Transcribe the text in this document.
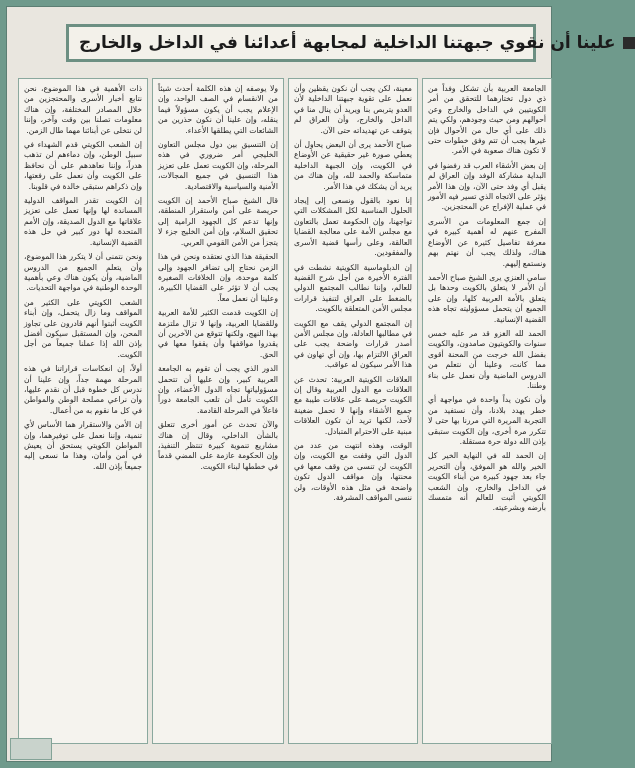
علينا أن نقوي جبهتنا الداخلية لمجابهة أعدائنا في الداخل والخارج

الجامعة العربية بأن تشكل وفداً من ذي دول تختارهما للتحقق من أمر الكويتيين في الداخل والخارج وعن أحوالهم ومن حيث وجودهم، ولكي يتم ذلك على أي حال من الأحوال فإن غيرها يجب أن تتم وفق خطوات حتى لا تكون هناك صعوبة في الأمر.

إن بعض الأشقاء العرب قد رفضوا في البداية مشاركة الوفد وإن العراق لم يقبل أي وفد حتى الآن، وإن هذا الأمر يؤثر على الاتجاه الذي تسير فيه الأمور في عملية الإفراج عن المحتجزين.

إن جمع المعلومات من الأسرى المفرج عنهم له أهمية كبيرة في معرفة تفاصيل كثيرة عن الأوضاع هناك، ولذلك يجب أن نهتم بهم ونستمع إليهم.

سامي العنزي يرى الشيخ صباح الأحمد أن الأمر لا يتعلق بالكويت وحدها بل يتعلق بالأمة العربية كلها، وإن على الجميع أن يتحمل مسؤوليته تجاه هذه القضية الإنسانية.

الحمد لله الغزو قد مر عليه خمس سنوات والكويتيون صامدون، والكويت بفضل الله خرجت من المحنة أقوى مما كانت، وعلينا أن نتعلم من الدروس الماضية وأن نعمل على بناء وطننا.

وأن نكون يداً واحدة في مواجهة أي خطر يهدد بلادنا، وأن نستفيد من التجربة المريرة التي مررنا بها حتى لا تتكرر مرة أخرى، وإن الكويت ستبقى بإذن الله دولة حرة مستقلة.

إن الحمد لله في النهاية الخير كل الخير والله هو الموفق، وأن التحرير جاء بعد جهود كبيرة من أبناء الكويت في الداخل والخارج، وإن الشعب الكويتي أثبت للعالم أنه متمسك بأرضه وبشرعيته.

معينة، لكن يجب أن نكون يقظين وأن نعمل على تقوية جبهتنا الداخلية لأن العدو يتربص بنا ويريد أن ينال منا في الداخل والخارج، وأن العراق لم يتوقف عن تهديداته حتى الآن.

صباح الأحمد يرى أن البعض يحاول أن يعطي صورة غير حقيقية عن الأوضاع في الكويت، وإن الجبهة الداخلية متماسكة والحمد لله، وإن هناك من يريد أن يشكك في هذا الأمر.

إنا نعود بالقول ونسعى إلى إيجاد الحلول المناسبة لكل المشكلات التي تواجهنا، وإن الحكومة تعمل بالتعاون مع مجلس الأمة على معالجة القضايا العالقة، وعلى رأسها قضية الأسرى والمفقودين.

إن الدبلوماسية الكويتية نشطت في الفترة الأخيرة من أجل شرح القضية للعالم، وإننا نطالب المجتمع الدولي بالضغط على العراق لتنفيذ قرارات مجلس الأمن المتعلقة بالكويت.

إن المجتمع الدولي يقف مع الكويت في مطالبها العادلة، وإن مجلس الأمن أصدر قرارات واضحة يجب على العراق الالتزام بها، وإن أي تهاون في هذا الأمر سيكون له عواقب.

العلاقات الكويتية العربية: تحدث عن العلاقات مع الدول العربية وقال إن الكويت حريصة على علاقات طيبة مع جميع الأشقاء وإنها لا تحمل ضغينة لأحد، لكنها تريد أن تكون العلاقات مبنية على الاحترام المتبادل.

الوقت، وهذه انتهت من عدد من الدول التي وقفت مع الكويت، وإن الكويت لن تنسى من وقف معها في محنتها، وإن مواقف الدول تكون واضحة في مثل هذه الأوقات، ولن ننسى المواقف المشرفة.

ولا يوصفه إن هذه الكلمة أحدث شيئاً من الانقسام في الصف الواحد، وإن الإعلام يجب أن يكون مسؤولاً فيما ينقله، وإن علينا أن نكون حذرين من الشائعات التي يطلقها الأعداء.

إن التنسيق بين دول مجلس التعاون الخليجي أمر ضروري في هذه المرحلة، وإن الكويت تعمل على تعزيز هذا التنسيق في جميع المجالات، الأمنية والسياسية والاقتصادية.

قال الشيخ صباح الأحمد إن الكويت حريصة على أمن واستقرار المنطقة، وإنها تدعم كل الجهود الرامية إلى تحقيق السلام، وإن أمن الخليج جزء لا يتجزأ من الأمن القومي العربي.

الحقيقة هذا الذي نعتقده ونحن في هذا الزمن نحتاج إلى تضافر الجهود وإلى كلمة موحدة، وإن الخلافات الصغيرة يجب أن لا تؤثر على القضايا الكبيرة، وعلينا أن نعمل معاً.

إن الكويت قدمت الكثير للأمة العربية وللقضايا العربية، وإنها لا تزال ملتزمة بهذا النهج، ولكنها تتوقع من الآخرين أن يقدروا مواقفها وأن يقفوا معها في الحق.

الدور الذي يجب أن تقوم به الجامعة العربية كبير، وإن عليها أن تتحمل مسؤولياتها تجاه الدول الأعضاء، وإن الكويت تأمل أن تلعب الجامعة دوراً فاعلاً في المرحلة القادمة.

والآن تحدث عن أمور أخرى تتعلق بالشأن الداخلي، وقال إن هناك مشاريع تنموية كبيرة تنتظر التنفيذ، وإن الحكومة عازمة على المضي قدماً في خططها لبناء الكويت.

ذات الأهمية في هذا الموضوع، نحن نتابع أخبار الأسرى والمحتجزين من خلال المصادر المختلفة، وإن هناك معلومات تصلنا بين وقت وآخر، وإننا لن نتخلى عن أبنائنا مهما طال الزمن.

إن الشعب الكويتي قدم الشهداء في سبيل الوطن، وإن دماءهم لن تذهب هدراً، وإننا نعاهدهم على أن نحافظ على الكويت وأن نعمل على رفعتها، وإن ذكراهم ستبقى خالدة في قلوبنا.

إن الكويت تقدر المواقف الدولية المساندة لها وإنها تعمل على تعزيز علاقاتها مع الدول الصديقة، وإن الأمم المتحدة لها دور كبير في حل هذه القضية الإنسانية.

ونحن نتمنى أن لا يتكرر هذا الموضوع، وأن يتعلم الجميع من الدروس الماضية، وأن يكون هناك وعي بأهمية الوحدة الوطنية في مواجهة التحديات.

الشعب الكويتي على الكثير من المواقف وما زال يتحمل، وإن أبناء الكويت أثبتوا أنهم قادرون على تجاوز المحن، وإن المستقبل سيكون أفضل بإذن الله إذا عملنا جميعاً من أجل الكويت.

أولاً، إن انعكاسات قراراتنا في هذه المرحلة مهمة جداً، وإن علينا أن ندرس كل خطوة قبل أن نقدم عليها، وأن نراعي مصلحة الوطن والمواطن في كل ما نقوم به من أعمال.

إن الأمن والاستقرار هما الأساس لأي تنمية، وإننا نعمل على توفيرهما، وإن المواطن الكويتي يستحق أن يعيش في أمن وأمان، وهذا ما نسعى إليه جميعاً بإذن الله.
